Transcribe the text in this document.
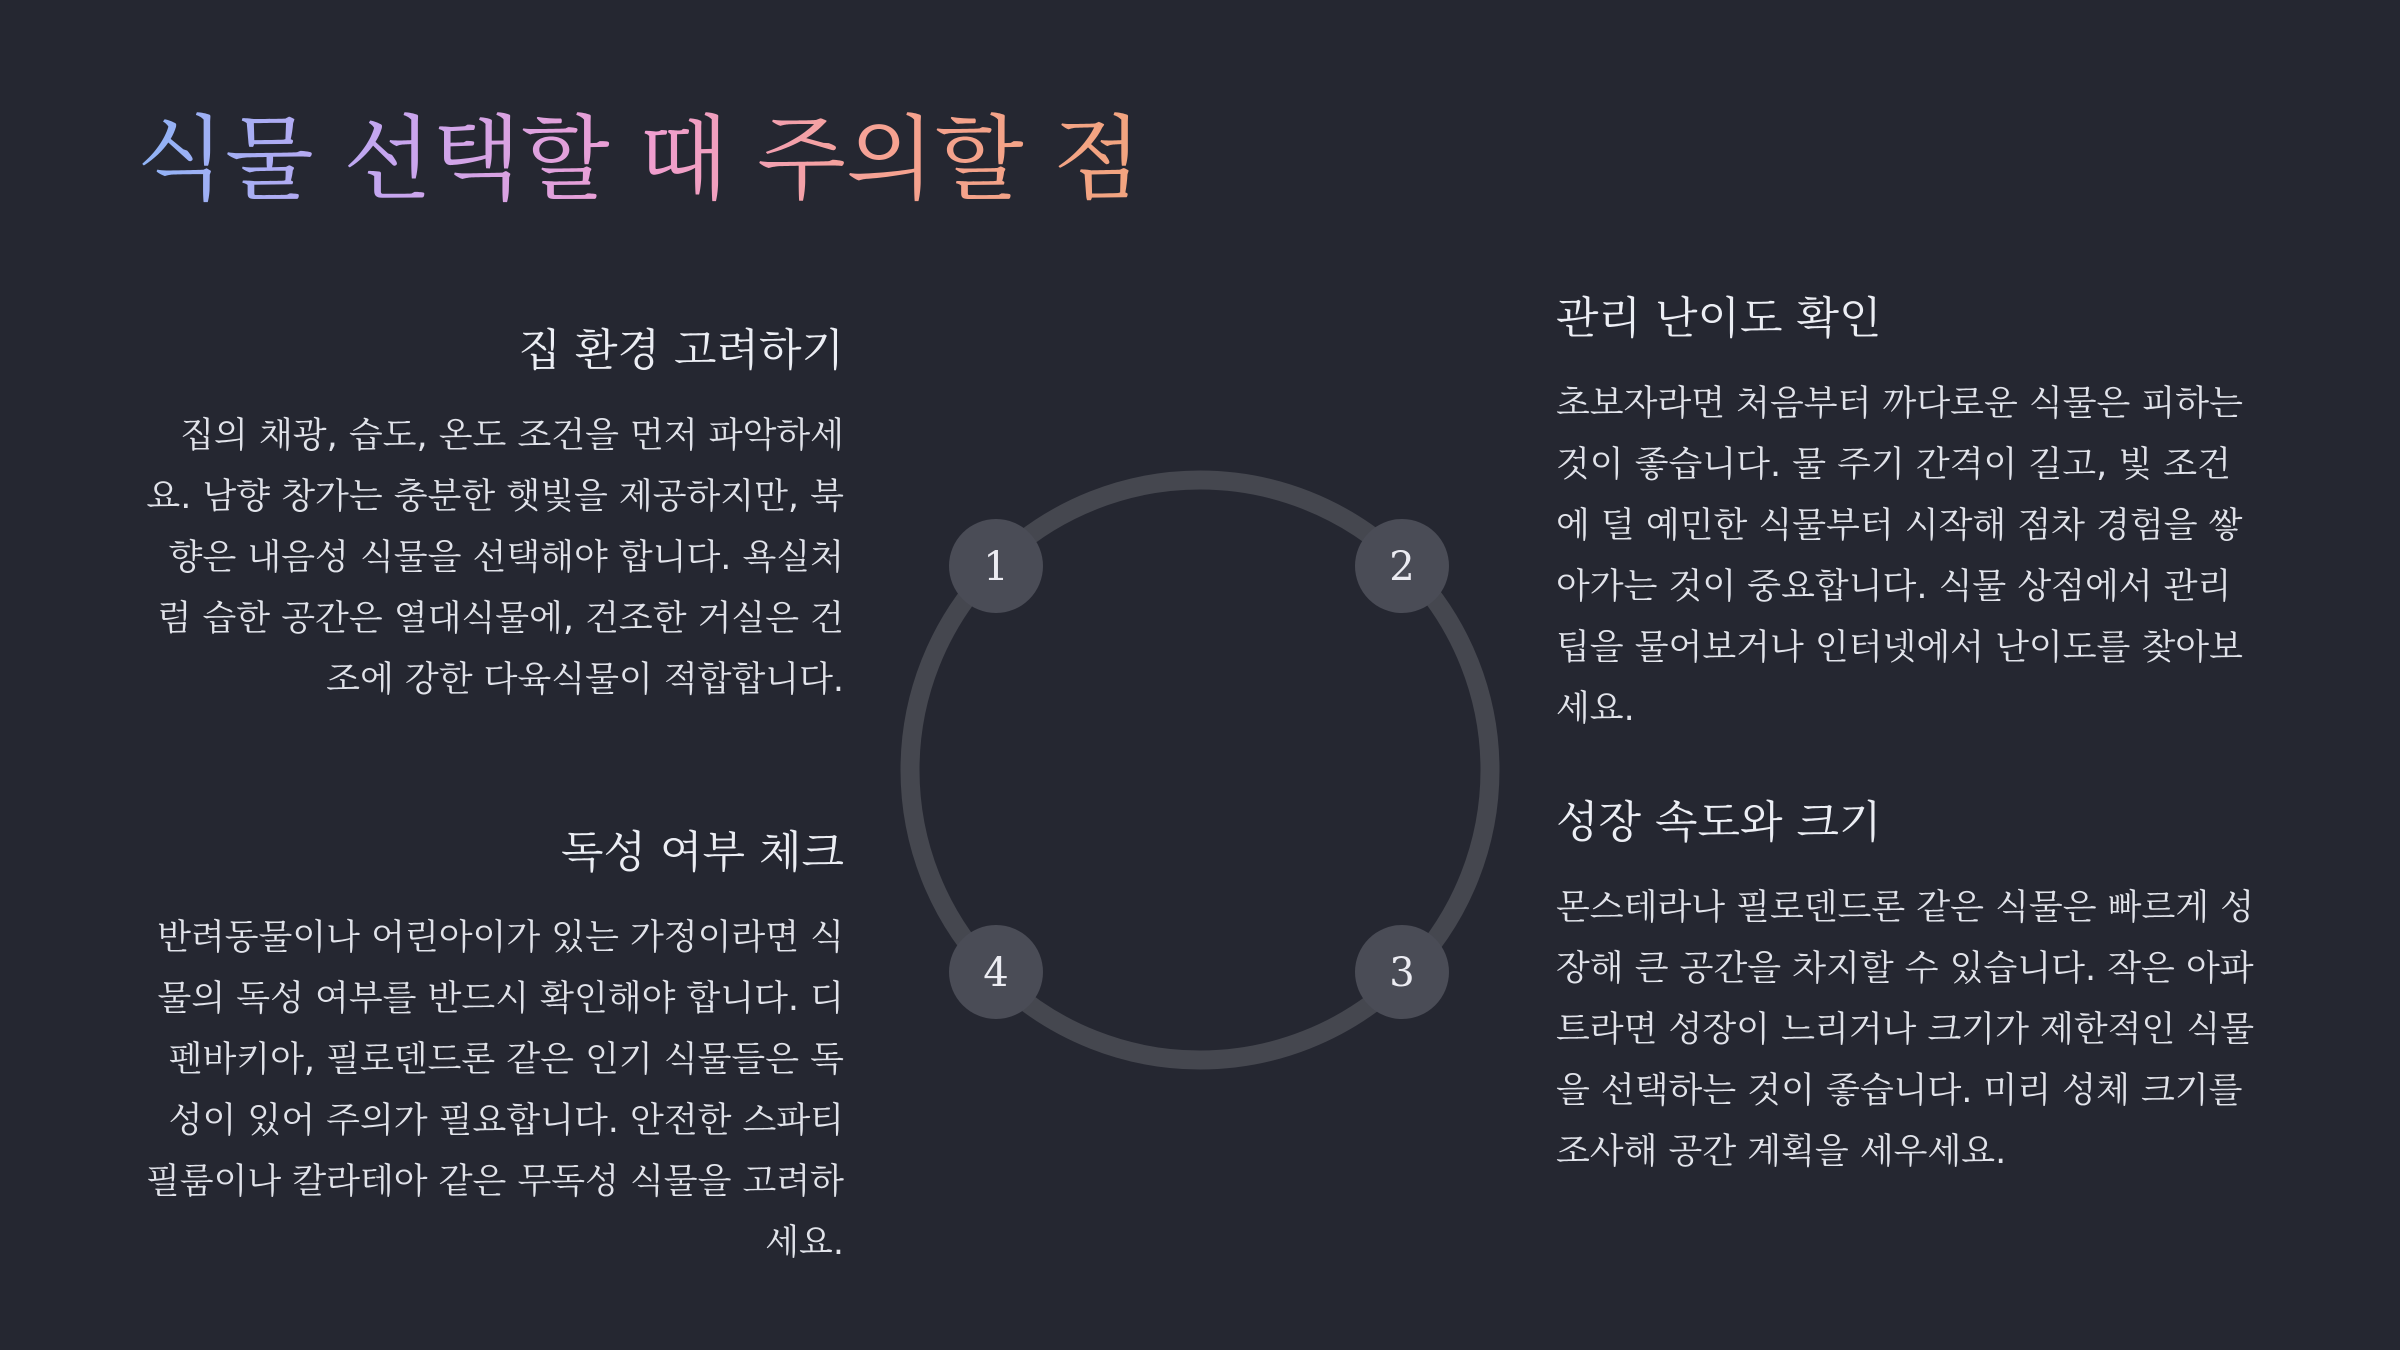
식물 선택할 때 주의할 점
집 환경 고려하기

집의 채광, 습도, 온도 조건을 먼저 파악하세요. 남향 창가는 충분한 햇빛을 제공하지만, 북향은 내음성 식물을 선택해야 합니다. 욕실처럼 습한 공간은 열대식물에, 건조한 거실은 건조에 강한 다육식물이 적합합니다.

관리 난이도 확인

초보자라면 처음부터 까다로운 식물은 피하는 것이 좋습니다. 물 주기 간격이 길고, 빛 조건에 덜 예민한 식물부터 시작해 점차 경험을 쌓아가는 것이 중요합니다. 식물 상점에서 관리 팁을 물어보거나 인터넷에서 난이도를 찾아보세요.

성장 속도와 크기

몬스테라나 필로덴드론 같은 식물은 빠르게 성장해 큰 공간을 차지할 수 있습니다. 작은 아파트라면 성장이 느리거나 크기가 제한적인 식물을 선택하는 것이 좋습니다. 미리 성체 크기를 조사해 공간 계획을 세우세요.

독성 여부 체크

반려동물이나 어린아이가 있는 가정이라면 식물의 독성 여부를 반드시 확인해야 합니다. 디펜바키아, 필로덴드론 같은 인기 식물들은 독성이 있어 주의가 필요합니다. 안전한 스파티필룸이나 칼라테아 같은 무독성 식물을 고려하세요.

1	2
3
4
